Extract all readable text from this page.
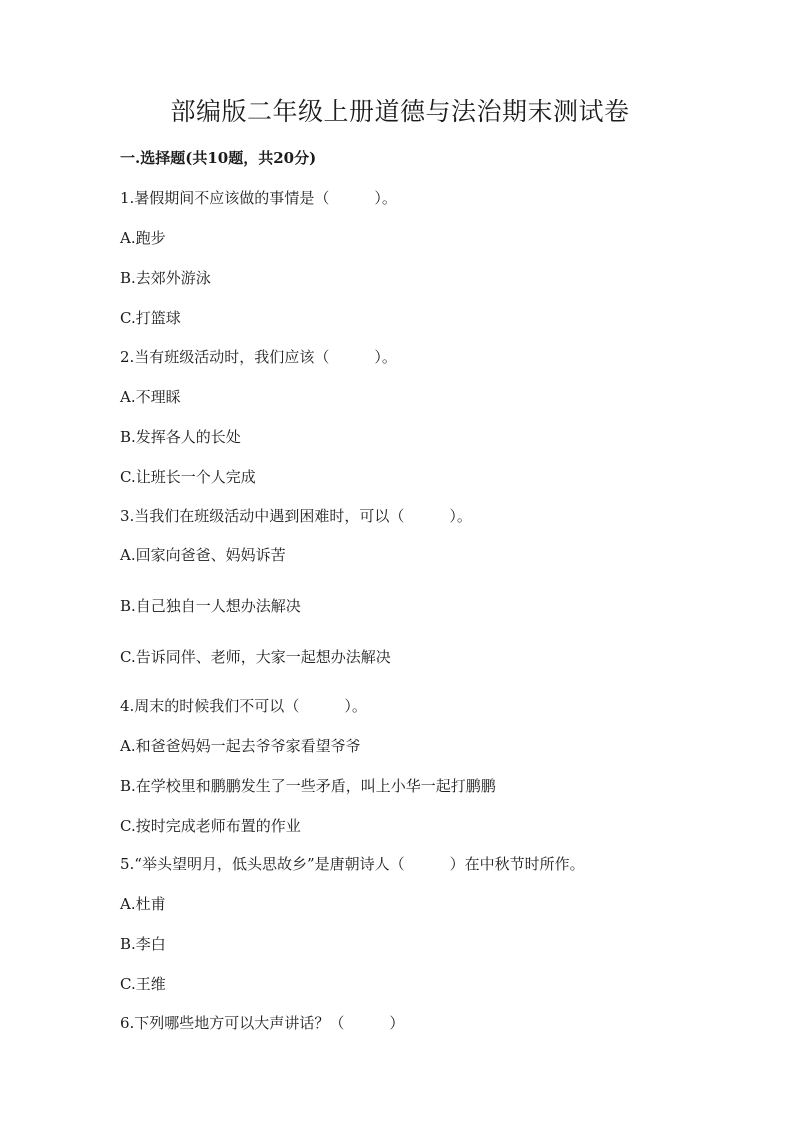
部编版二年级上册道德与法治期末测试卷

一.选择题(共10题，共20分)

1.暑假期间不应该做的事情是（　　　）。

A.跑步

B.去郊外游泳

C.打篮球

2.当有班级活动时，我们应该（　　　）。

A.不理睬

B.发挥各人的长处

C.让班长一个人完成

3.当我们在班级活动中遇到困难时，可以（　　　）。

A.回家向爸爸、妈妈诉苦

B.自己独自一人想办法解决

C.告诉同伴、老师，大家一起想办法解决

4.周末的时候我们不可以（　　　）。

A.和爸爸妈妈一起去爷爷家看望爷爷

B.在学校里和鹏鹏发生了一些矛盾，叫上小华一起打鹏鹏

C.按时完成老师布置的作业

5.“举头望明月，低头思故乡”是唐朝诗人（　　　）在中秋节时所作。

A.杜甫

B.李白

C.王维

6.下列哪些地方可以大声讲话？（　　　）
